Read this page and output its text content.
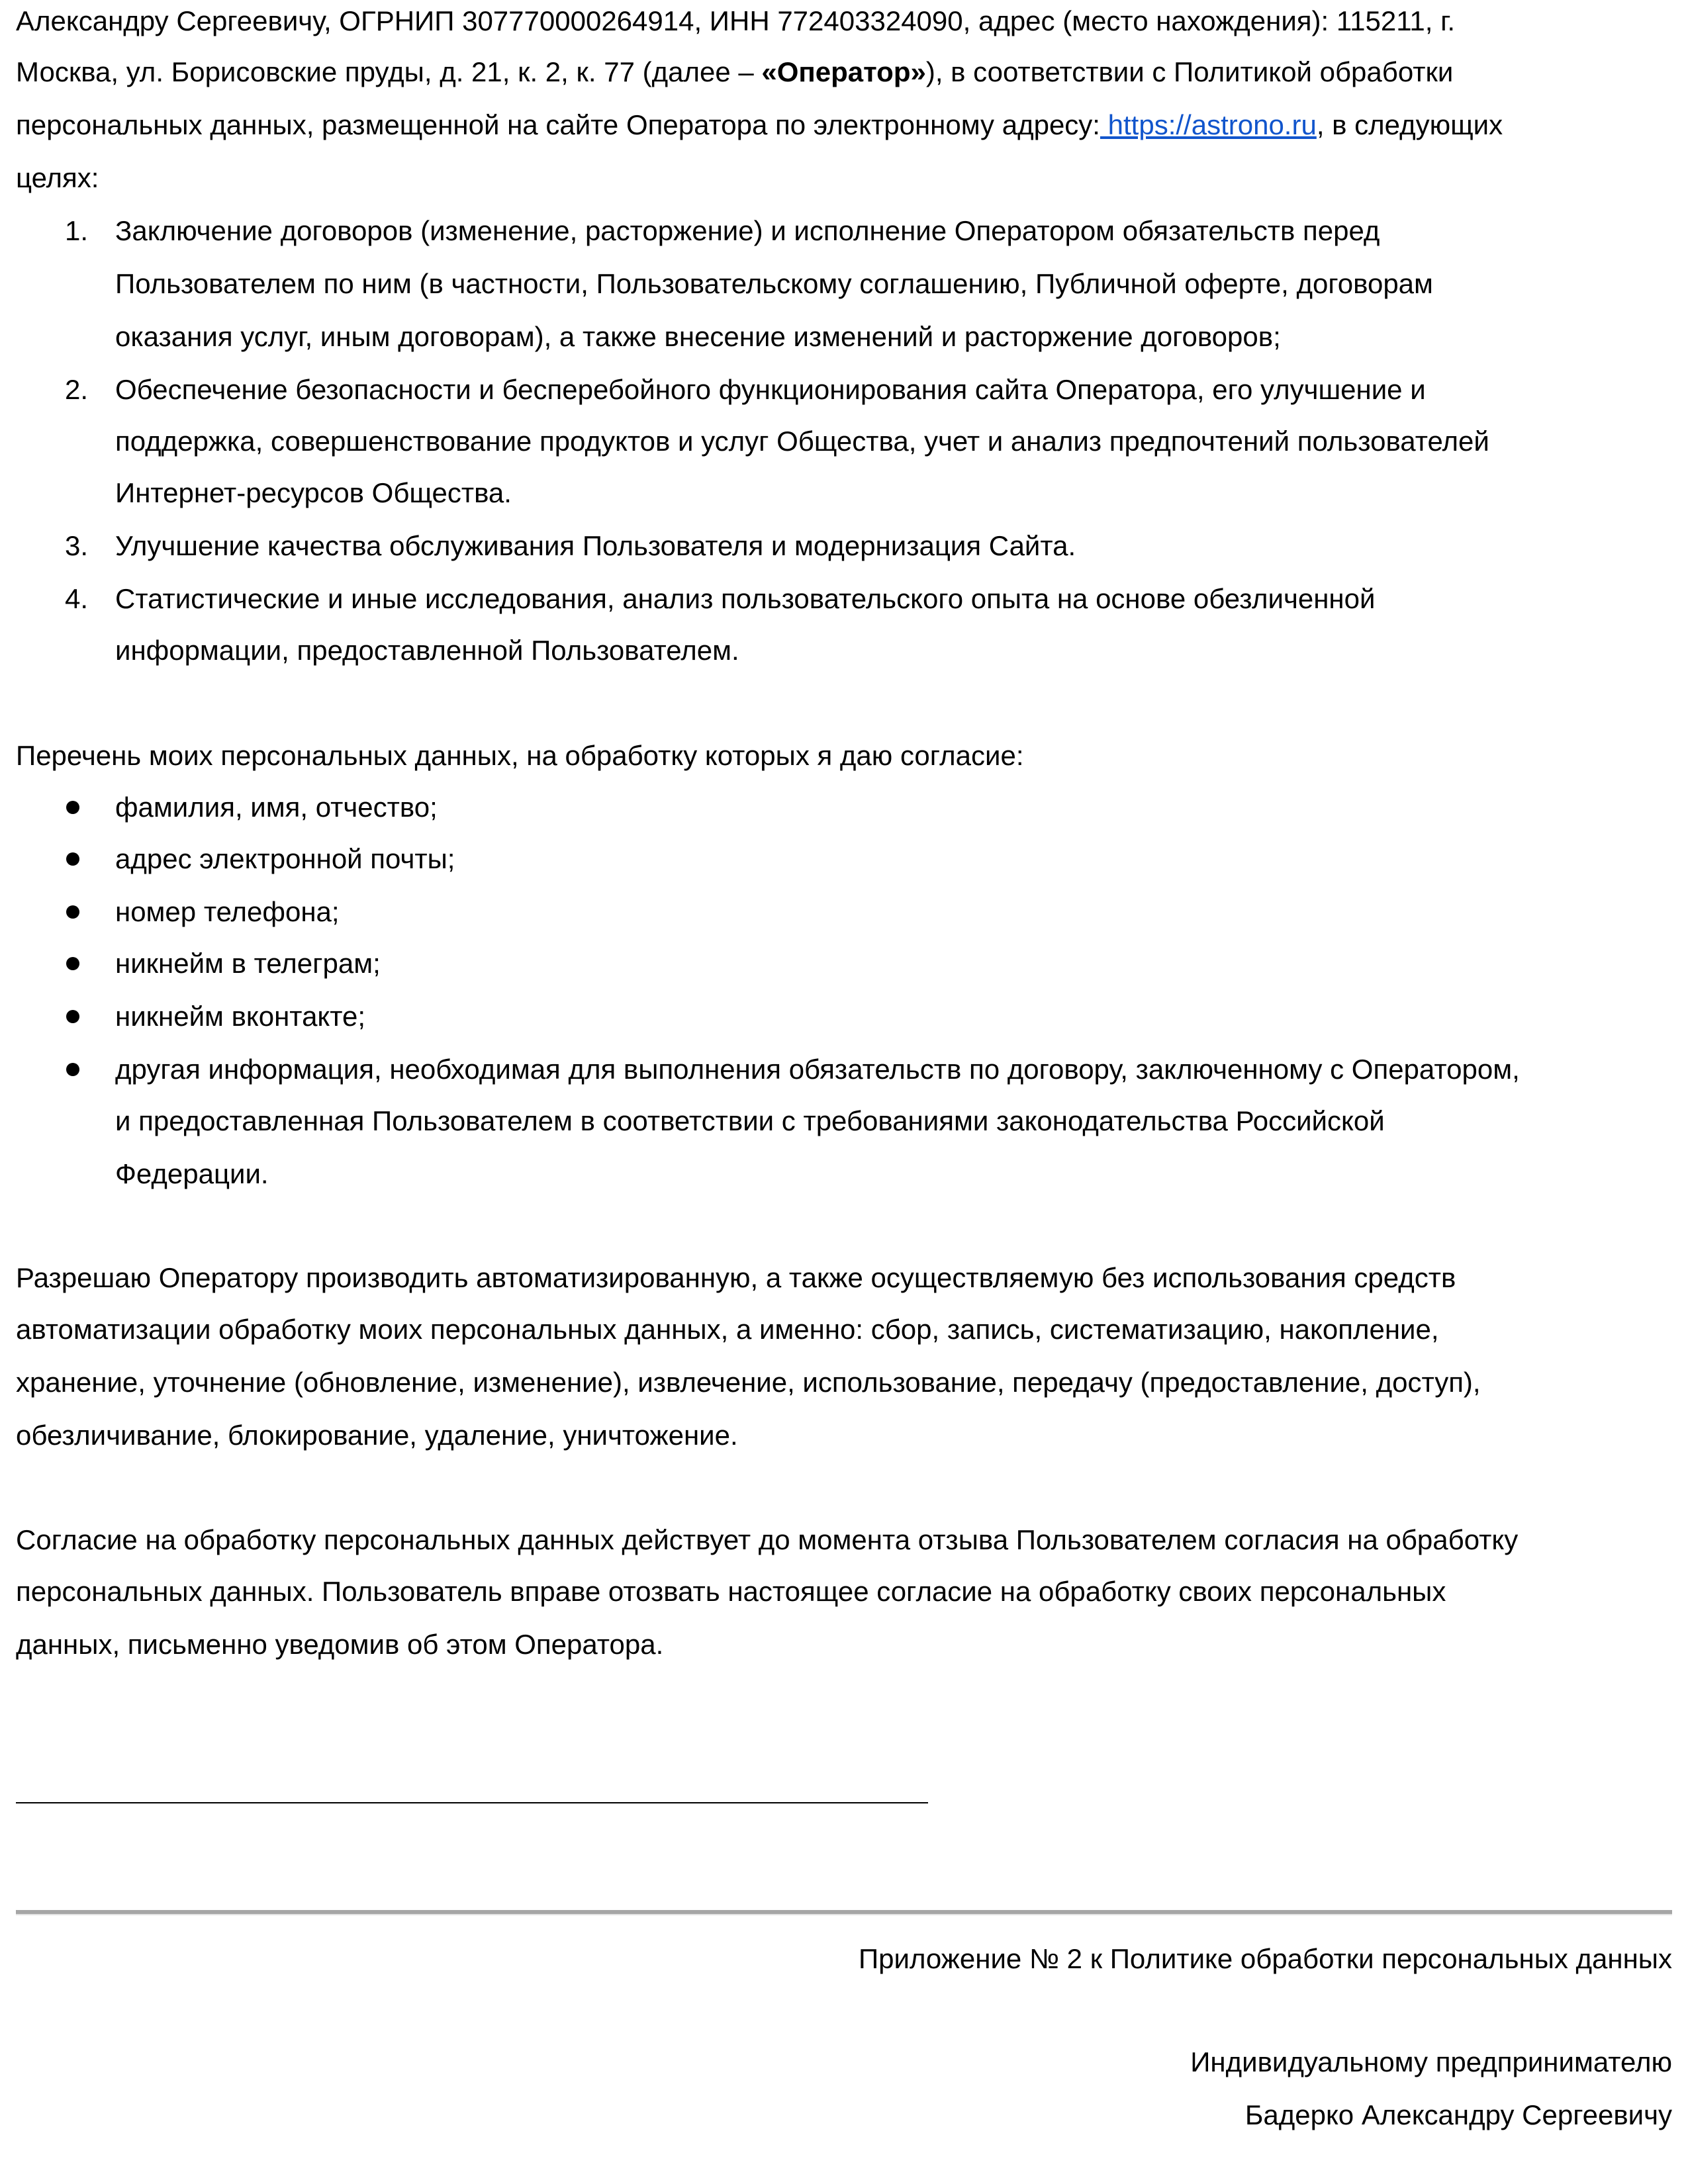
Александру Сергеевичу, ОГРНИП 307770000264914, ИНН 772403324090, адрес (место нахождения): 115211, г.
Москва, ул. Борисовские пруды, д. 21, к. 2, к. 77 (далее – «Оператор»), в соответствии с Политикой обработки
персональных данных, размещенной на сайте Оператора по электронному адресу: https://astrono.ru, в следующих
целях:
1. Заключение договоров (изменение, расторжение) и исполнение Оператором обязательств перед
Пользователем по ним (в частности, Пользовательскому соглашению, Публичной оферте, договорам
оказания услуг, иным договорам), а также внесение изменений и расторжение договоров;
2. Обеспечение безопасности и бесперебойного функционирования сайта Оператора, его улучшение и
поддержка, совершенствование продуктов и услуг Общества, учет и анализ предпочтений пользователей
Интернет-ресурсов Общества.
3. Улучшение качества обслуживания Пользователя и модернизация Сайта.
4. Статистические и иные исследования, анализ пользовательского опыта на основе обезличенной
информации, предоставленной Пользователем.
Перечень моих персональных данных, на обработку которых я даю согласие:
фамилия, имя, отчество;
адрес электронной почты;
номер телефона;
никнейм в телеграм;
никнейм вконтакте;
другая информация, необходимая для выполнения обязательств по договору, заключенному с Оператором,
и предоставленная Пользователем в соответствии с требованиями законодательства Российской
Федерации.
Разрешаю Оператору производить автоматизированную, а также осуществляемую без использования средств
автоматизации обработку моих персональных данных, а именно: сбор, запись, систематизацию, накопление,
хранение, уточнение (обновление, изменение), извлечение, использование, передачу (предоставление, доступ),
обезличивание, блокирование, удаление, уничтожение.
Согласие на обработку персональных данных действует до момента отзыва Пользователем согласия на обработку
персональных данных. Пользователь вправе отозвать настоящее согласие на обработку своих персональных
данных, письменно уведомив об этом Оператора.
Приложение № 2 к Политике обработки персональных данных
Индивидуальному предпринимателю
Бадерко Александру Сергеевичу
